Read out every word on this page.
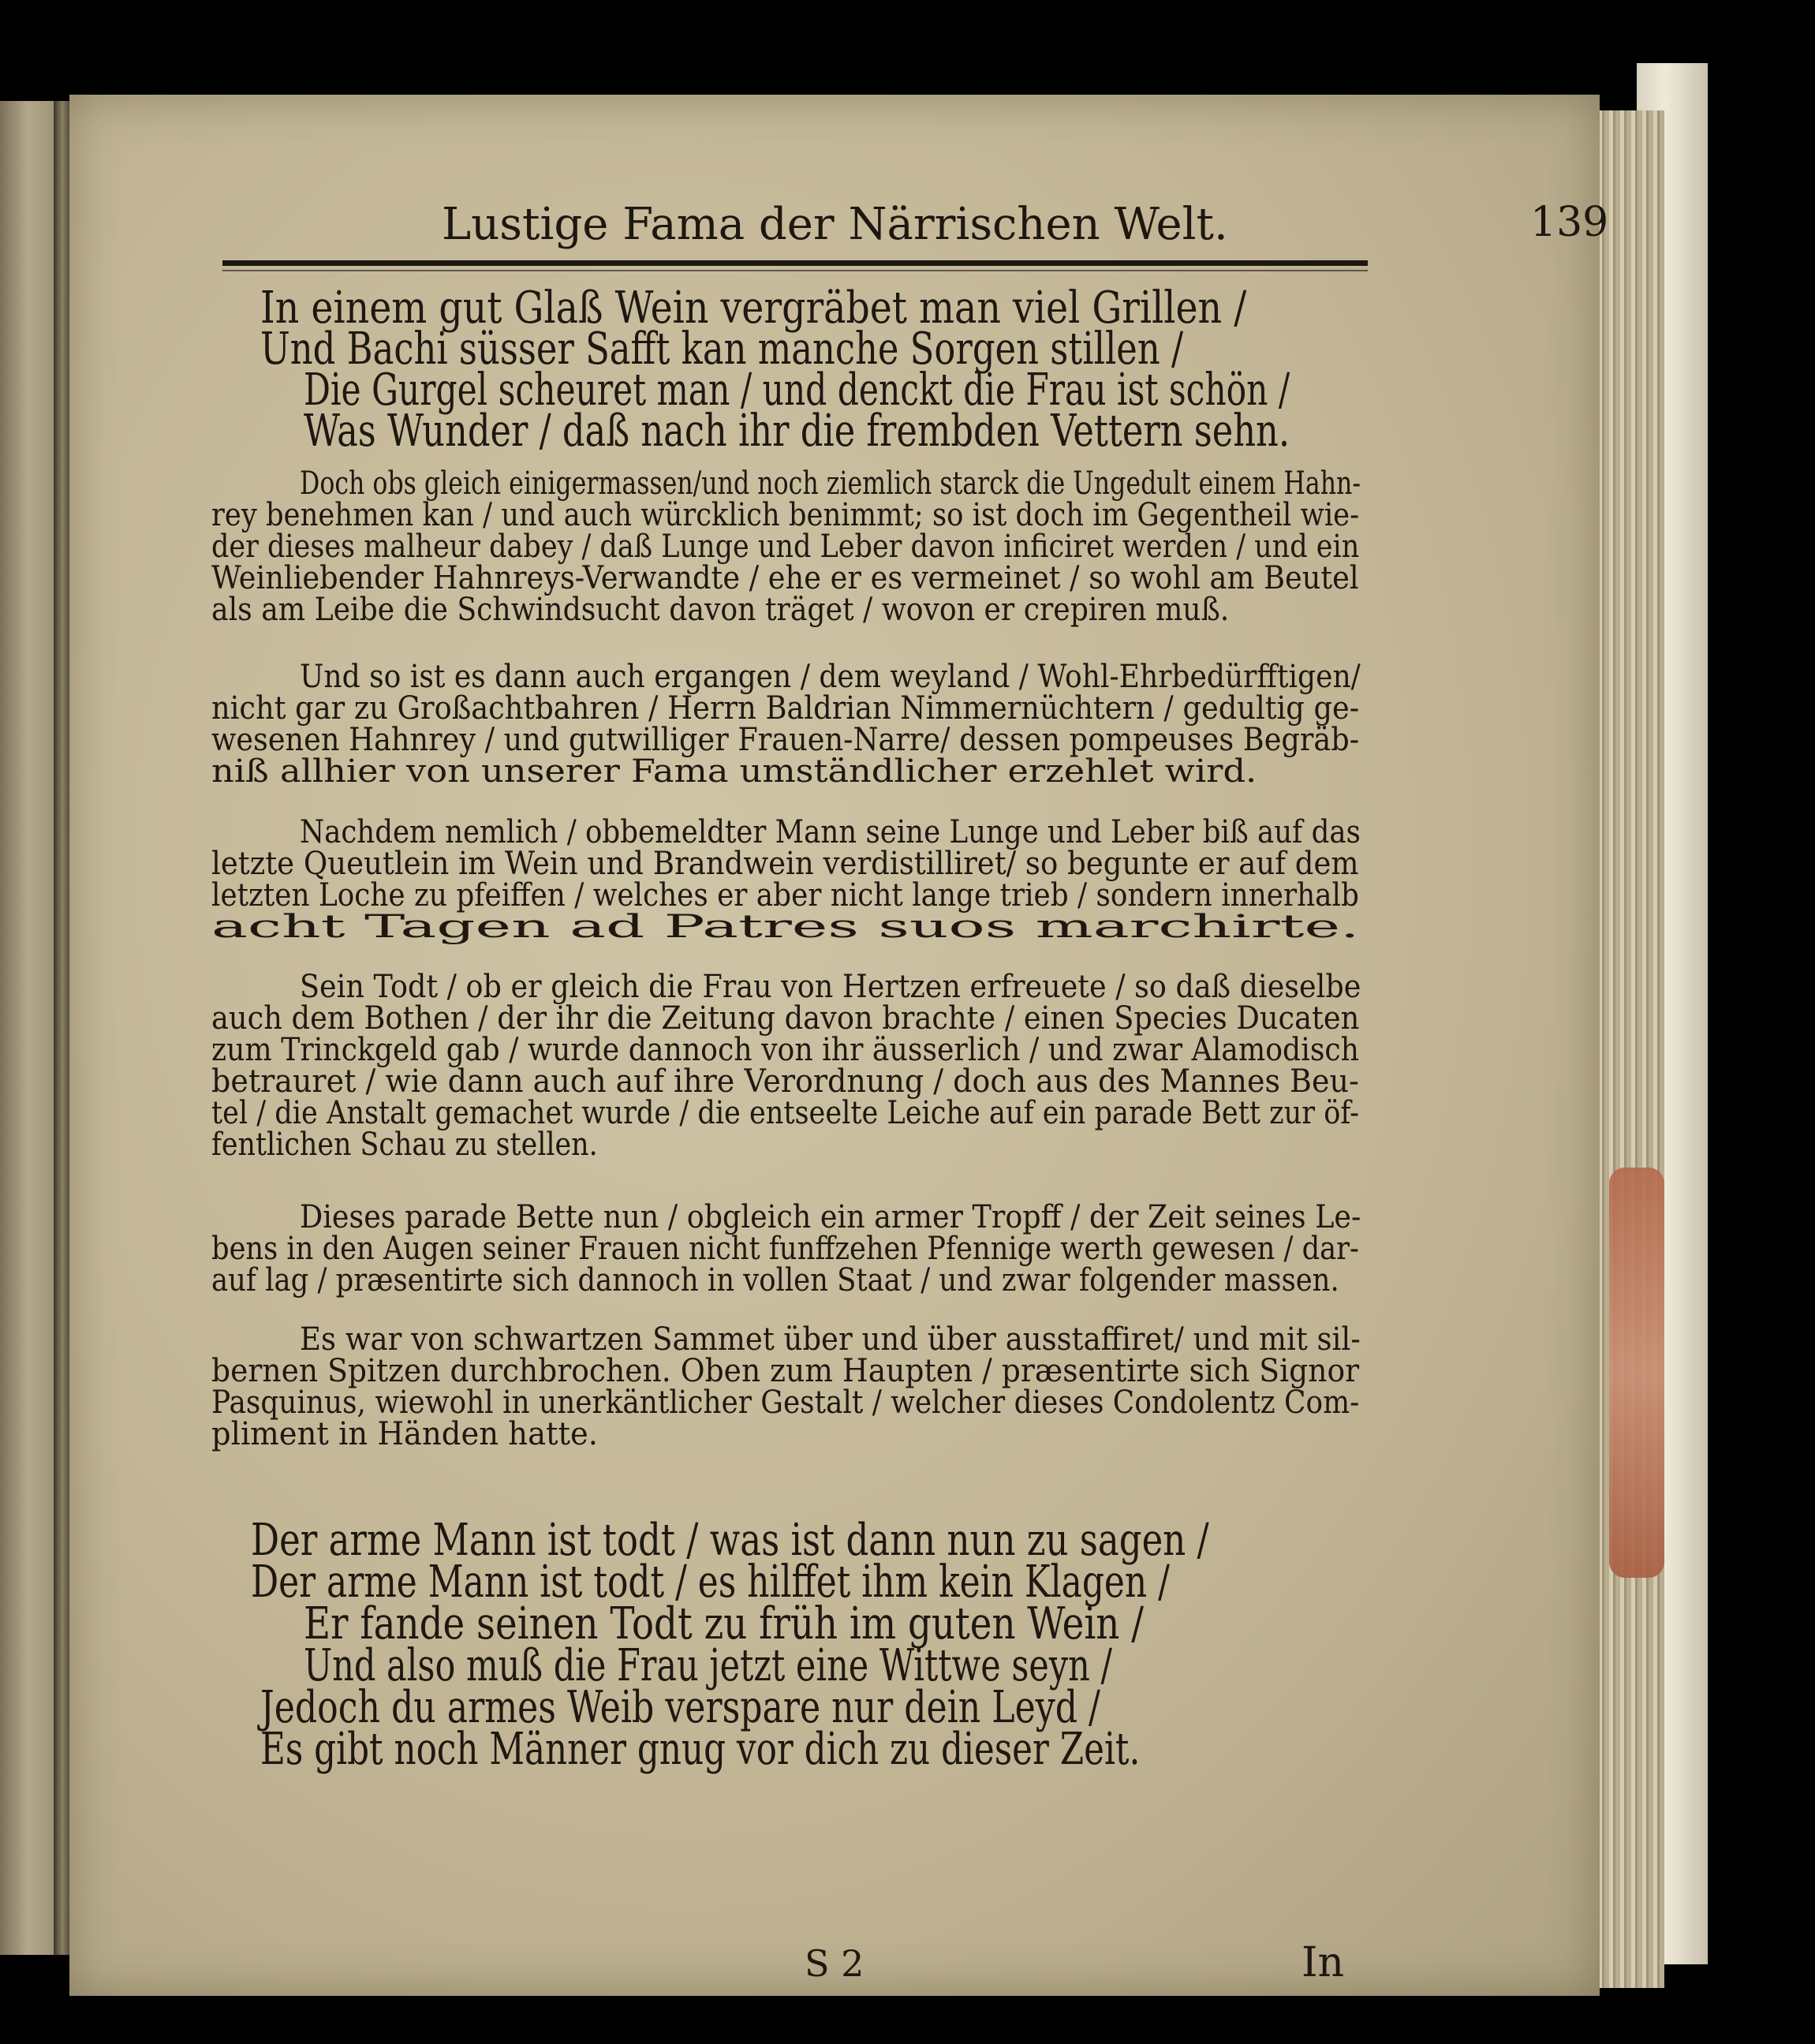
Lustige Fama der Närrischen Welt.	139
In einem gut Glaß Wein vergräbet man viel Grillen /
Und Bachi süsser Safft kan manche Sorgen stillen /
Die Gurgel scheuret man / und denckt die Frau ist schön /
Was Wunder / daß nach ihr die frembden Vettern sehn.
Doch obs gleich einigermassen/und noch ziemlich starck die Ungedult einem Hahn-
rey benehmen kan / und auch würcklich benimmt; so ist doch im Gegentheil wie-
der dieses malheur dabey / daß Lunge und Leber davon inficiret werden / und ein
Weinliebender Hahnreys-Verwandte / ehe er es vermeinet / so wohl am Beutel
als am Leibe die Schwindsucht davon träget / wovon er crepiren muß.
Und so ist es dann auch ergangen / dem weyland / Wohl-Ehrbedürfftigen/
nicht gar zu Großachtbahren / Herrn Baldrian Nimmernüchtern / gedultig ge-
wesenen Hahnrey / und gutwilliger Frauen-Narre/ dessen pompeuses Begräb-
niß allhier von unserer Fama umständlicher erzehlet wird.
Nachdem nemlich / obbemeldter Mann seine Lunge und Leber biß auf das
letzte Queutlein im Wein und Brandwein verdistilliret/ so begunte er auf dem
letzten Loche zu pfeiffen / welches er aber nicht lange trieb / sondern innerhalb
acht Tagen ad Patres suos marchirte.
Sein Todt / ob er gleich die Frau von Hertzen erfreuete / so daß dieselbe
auch dem Bothen / der ihr die Zeitung davon brachte / einen Species Ducaten
zum Trinckgeld gab / wurde dannoch von ihr äusserlich / und zwar Alamodisch
betrauret / wie dann auch auf ihre Verordnung / doch aus des Mannes Beu-
tel / die Anstalt gemachet wurde / die entseelte Leiche auf ein parade Bett zur öf-
fentlichen Schau zu stellen.
Dieses parade Bette nun / obgleich ein armer Tropff / der Zeit seines Le-
bens in den Augen seiner Frauen nicht funffzehen Pfennige werth gewesen / dar-
auf lag / præsentirte sich dannoch in vollen Staat / und zwar folgender massen.
Es war von schwartzen Sammet über und über ausstaffiret/ und mit sil-
bernen Spitzen durchbrochen. Oben zum Haupten / præsentirte sich Signor
Pasquinus, wiewohl in unerkäntlicher Gestalt / welcher dieses Condolentz Com-
pliment in Händen hatte.
Der arme Mann ist todt / was ist dann nun zu sagen /
Der arme Mann ist todt / es hilffet ihm kein Klagen /
Er fande seinen Todt zu früh im guten Wein /
Und also muß die Frau jetzt eine Wittwe seyn /
Jedoch du armes Weib verspare nur dein Leyd /
Es gibt noch Männer gnug vor dich zu dieser Zeit.
S 2	In
